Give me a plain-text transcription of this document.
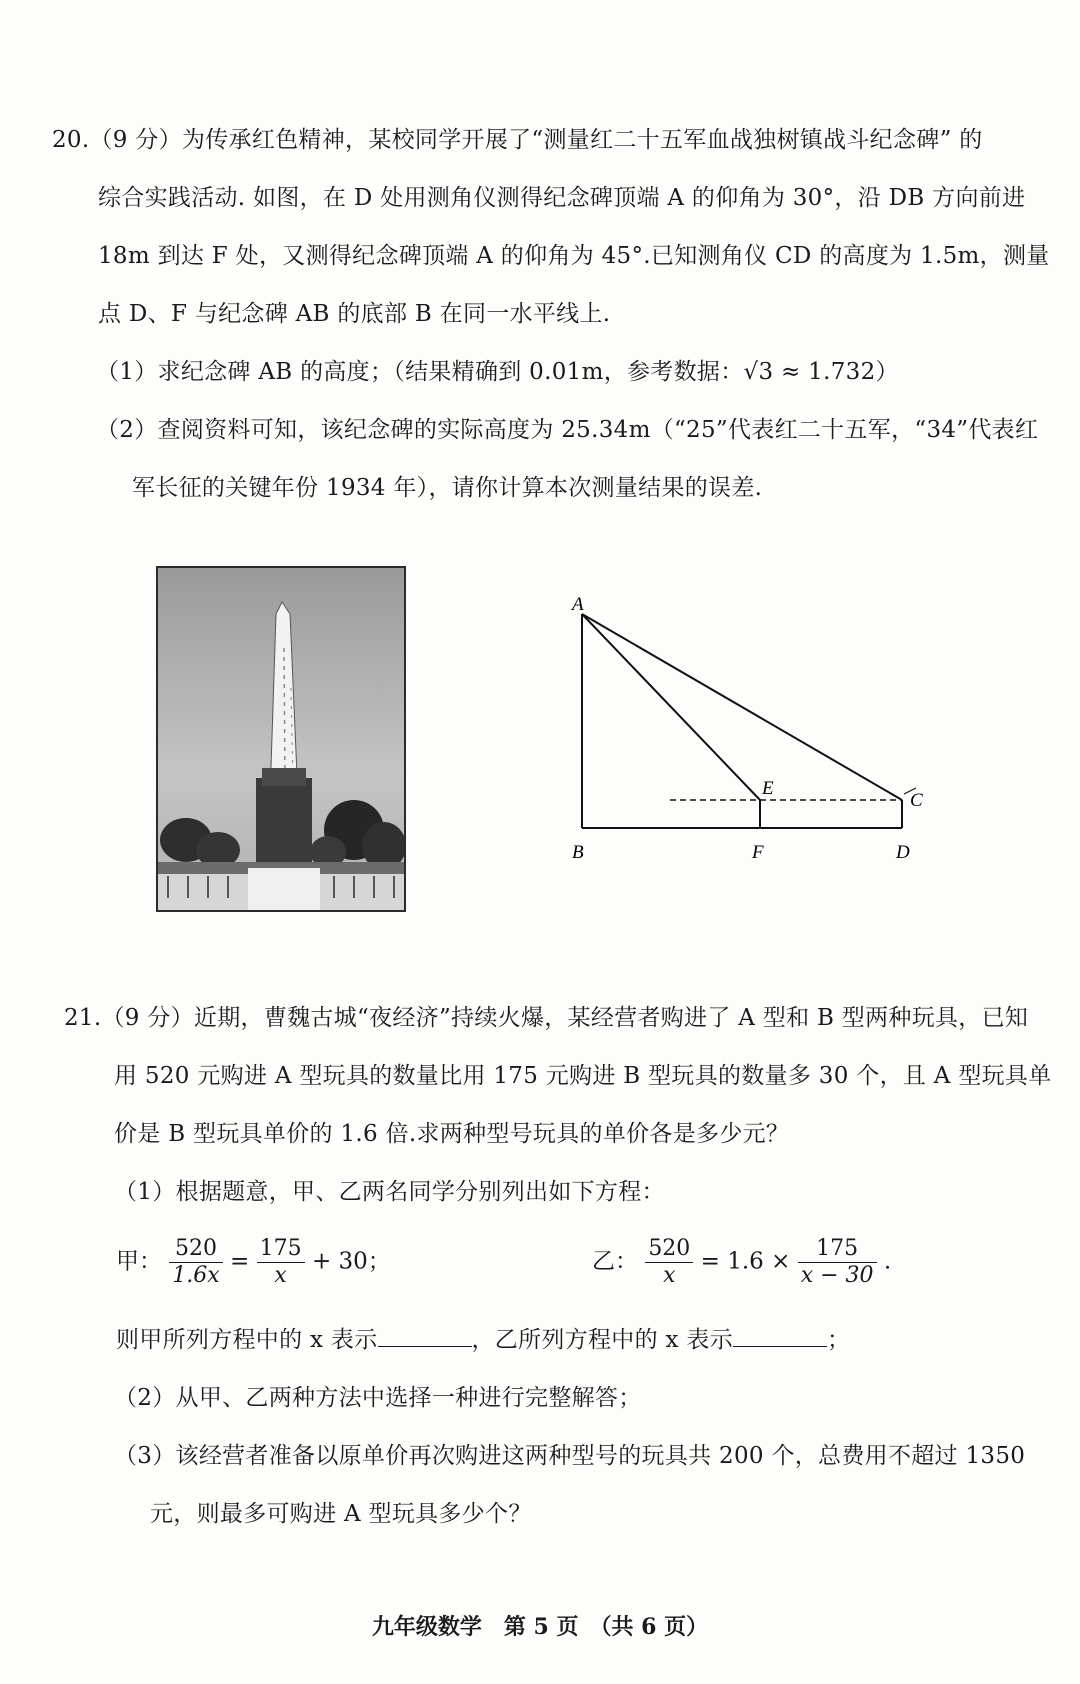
20.（9 分）为传承红色精神，某校同学开展了“测量红二十五军血战独树镇战斗纪念碑” 的
综合实践活动. 如图，在 D 处用测角仪测得纪念碑顶端 A 的仰角为 30°，沿 DB 方向前进
18m 到达 F 处，又测得纪念碑顶端 A 的仰角为 45°.已知测角仪 CD 的高度为 1.5m，测量
点 D、F 与纪念碑 AB 的底部 B 在同一水平线上.
（1）求纪念碑 AB 的高度；（结果精确到 0.01m，参考数据：√3 ≈ 1.732）
（2）查阅资料可知，该纪念碑的实际高度为 25.34m（“25”代表红二十五军，“34”代表红
军长征的关键年份 1934 年），请你计算本次测量结果的误差.
A
B
C
D
E
F
21.（9 分）近期，曹魏古城“夜经济”持续火爆，某经营者购进了 A 型和 B 型两种玩具，已知
用 520 元购进 A 型玩具的数量比用 175 元购进 B 型玩具的数量多 30 个，且 A 型玩具单
价是 B 型玩具单价的 1.6 倍.求两种型号玩具的单价各是多少元？
（1）根据题意，甲、乙两名同学分别列出如下方程：
甲： $\frac{520}{1.6x} = \frac{175}{x} + 30$；	乙： $\frac{520}{x} = 1.6 \times \frac{175}{x - 30}$ .
则甲所列方程中的 x 表示	，乙所列方程中的 x 表示	；
（2）从甲、乙两种方法中选择一种进行完整解答；
（3）该经营者准备以原单价再次购进这两种型号的玩具共 200 个，总费用不超过 1350
元，则最多可购进 A 型玩具多少个？
九年级数学　第 5 页　（共 6 页）
